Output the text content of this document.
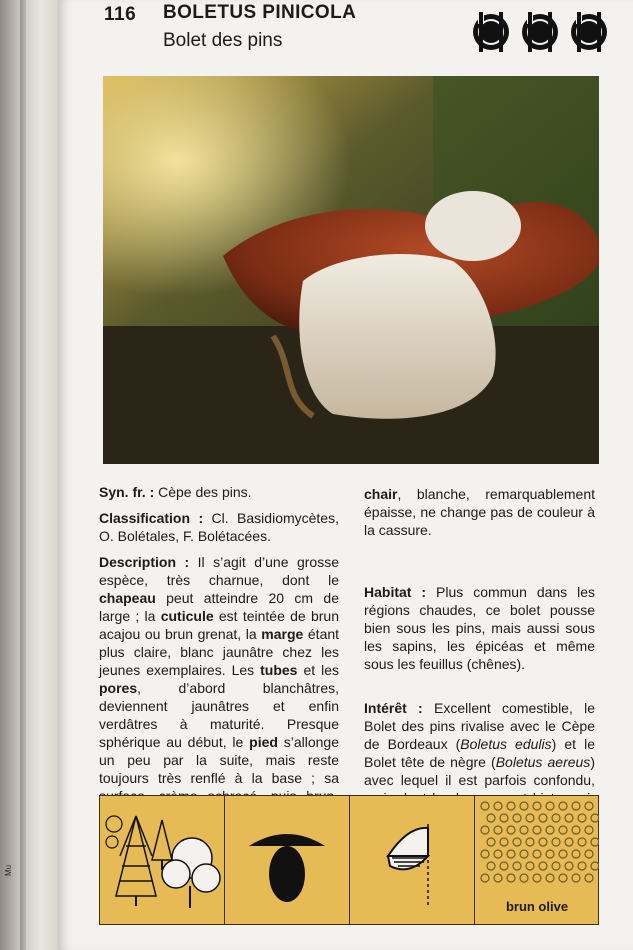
Mu
116 BOLETUS PINICOLA
Bolet des pins

Syn. fr. : Cèpe des pins.

Classification : Cl. Basidiomycètes, O. Bolétales, F. Bolétacées.

Description : Il s’agit d’une grosse espèce, très charnue, dont le chapeau peut atteindre 20 cm de large ; la cuticule est teintée de brun acajou ou brun grenat, la marge étant plus claire, blanc jaunâtre chez les jeunes exemplaires. Les tubes et les pores, d’abord blanchâtres, deviennent jaunâtres et enfin verdâtres à maturité. Presque sphérique au début, le pied s’allonge un peu par la suite, mais reste toujours très renflé à la base ; sa

chair, blanche, remarquablement épaisse, ne change pas de couleur à la cassure.

Habitat : Plus commun dans les régions chaudes, ce bolet pousse bien sous les pins, mais aussi sous les sapins, les épicéas et même sous les feuillus (chênes).

Intérêt : Excellent comestible, le Bolet des pins rivalise avec le Cèpe de Bordeaux (Boletus edulis) et le Bolet tête de nègre (Boletus aereus) avec lequel il est parfois confondu,

brun olive
